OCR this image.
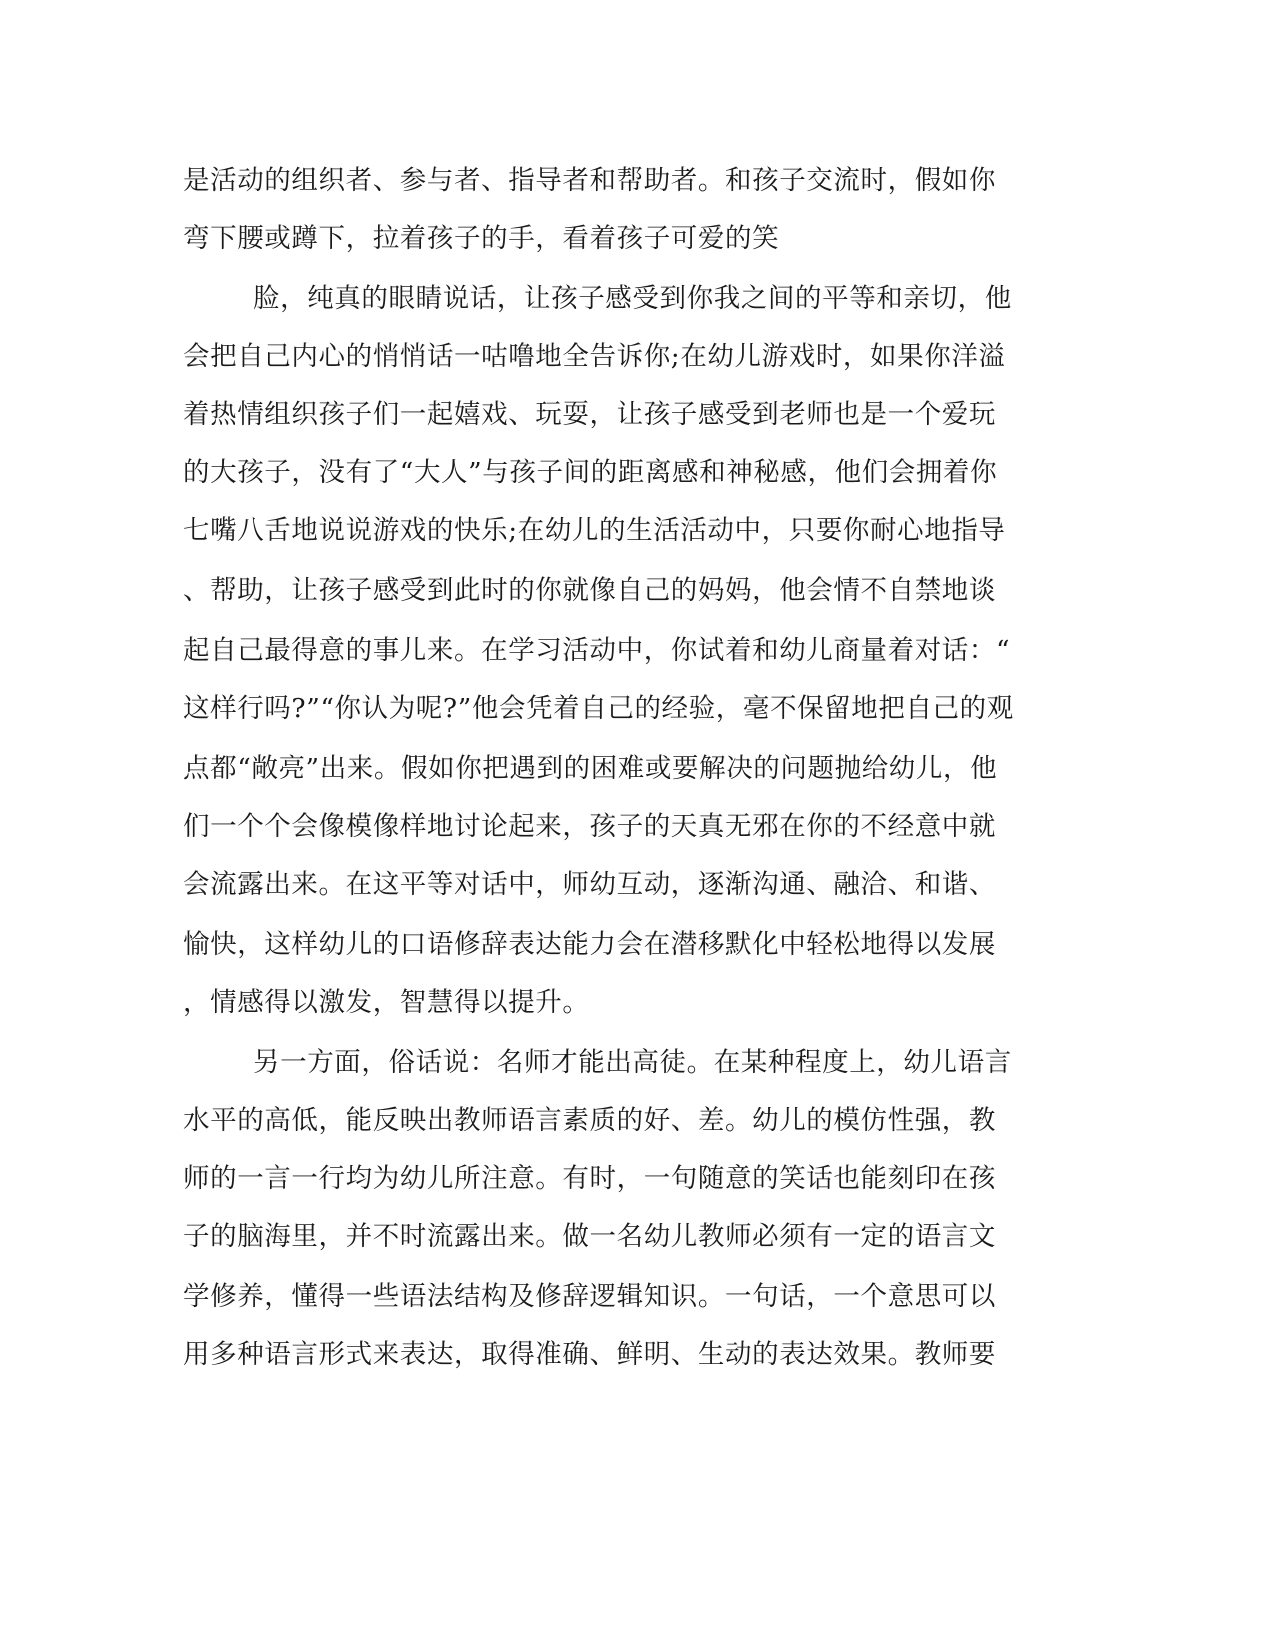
是活动的组织者、参与者、指导者和帮助者。和孩子交流时，假如你
弯下腰或蹲下，拉着孩子的手，看着孩子可爱的笑
脸，纯真的眼睛说话，让孩子感受到你我之间的平等和亲切，他
会把自己内心的悄悄话一咕噜地全告诉你;在幼儿游戏时，如果你洋溢
着热情组织孩子们一起嬉戏、玩耍，让孩子感受到老师也是一个爱玩
的大孩子，没有了“大人”与孩子间的距离感和神秘感，他们会拥着你
七嘴八舌地说说游戏的快乐;在幼儿的生活活动中，只要你耐心地指导
、帮助，让孩子感受到此时的你就像自己的妈妈，他会情不自禁地谈
起自己最得意的事儿来。在学习活动中，你试着和幼儿商量着对话：“
这样行吗?”“你认为呢?”他会凭着自己的经验，毫不保留地把自己的观
点都“敞亮”出来。假如你把遇到的困难或要解决的问题抛给幼儿，他
们一个个会像模像样地讨论起来，孩子的天真无邪在你的不经意中就
会流露出来。在这平等对话中，师幼互动，逐渐沟通、融洽、和谐、
愉快，这样幼儿的口语修辞表达能力会在潜移默化中轻松地得以发展
，情感得以激发，智慧得以提升。
另一方面，俗话说：名师才能出高徒。在某种程度上，幼儿语言
水平的高低，能反映出教师语言素质的好、差。幼儿的模仿性强，教
师的一言一行均为幼儿所注意。有时，一句随意的笑话也能刻印在孩
子的脑海里，并不时流露出来。做一名幼儿教师必须有一定的语言文
学修养，懂得一些语法结构及修辞逻辑知识。一句话，一个意思可以
用多种语言形式来表达，取得准确、鲜明、生动的表达效果。教师要
